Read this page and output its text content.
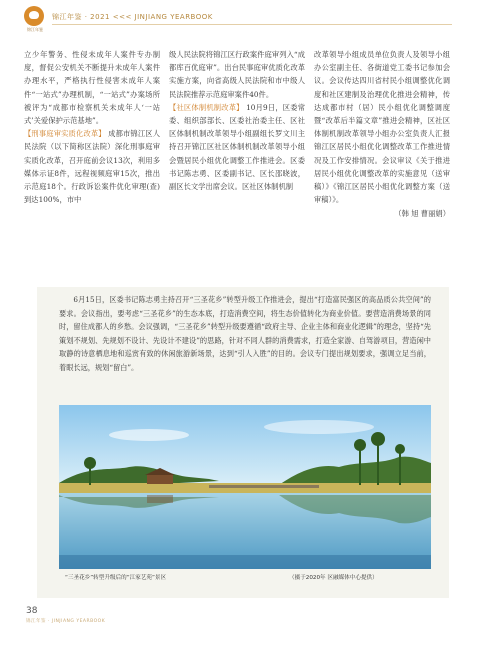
锦江年鉴
锦江年鉴 · 2021 <<< JINJIANG YEARBOOK

立少年警务、性侵未成年人案件专办制度，督促公安机关不断提升未成年人案件办理水平，严格执行性侵害未成年人案件“一站式”办理机制，“一站式”办案场所被评为“成都市检察机关未成年人‘一站式’关爱保护示范基地”。

【刑事庭审实质化改革】 成都市锦江区人民法院（以下简称区法院）深化刑事庭审实质化改革，召开庭前会议13次，利用多媒体示证8件，远程视频庭审15次，推出示范庭18个。行政诉讼案件优化审理(查)到达100%，市中

级人民法院将锦江区行政案件庭审列入“成都库百优庭审”。出台民事庭审优质化改革实施方案，向省高级人民法院和市中级人民法院推荐示范庭审案件40件。

【社区体制机制改革】 10月9日，区委常委、组织部部长、区委社治委主任、区社区体制机制改革领导小组副组长罗文川主持召开锦江区社区体制机制改革领导小组会暨居民小组优化调整工作推进会。区委书记陈志勇、区委副书记、区长邵晓波，副区长文学出席会议。区社区体制机制

改革领导小组成员单位负责人及领导小组办公室副主任、各街道党工委书记参加会议。会议传达四川省村民小组调整优化调度和社区建制及治理优化推进会精神，传达成都市村（居）民小组优化调整调度暨“改革后半篇文章”推进会精神，区社区体制机制改革领导小组办公室负责人汇报锦江区居民小组优化调整改革工作推进情况及工作安排情况。会议审议《关于推进居民小组优化调整改革的实施意见（送审稿）》《锦江区居民小组优化调整方案（送审稿）》。

（韩 旭 曹丽娟）

6月15日，区委书记陈志勇主持召开“三圣花乡”转型升级工作推进会，提出“打造富民强区的高品质公共空间”的要求。会议指出，要考虑“三圣花乡”的生态本底，打造消费空间，将生态价值转化为商业价值。要营造消费场景的同时，留住成都人的乡愁。会议强调，“三圣花乡”转型升级要遵循“政府主导、企业主体和商业化逻辑”的理念，坚持“先策划不规划、先规划不设计、先设计不建设”的思路，针对不同人群的消费需求，打造全家游、自驾游项目，营造闲中取静的诗意栖息地和巡赏有致的休闲旅游新场景，达到“引人入胜”的目的。会议专门提出规划要求，强调立足当前，着眼长远，规划“留白”。

“三圣花乡”转型升级后的“江家艺苑”景区	（摄于2020年 区融媒体中心提供）
38
锦江年鉴 · JINJIANG YEARBOOK
